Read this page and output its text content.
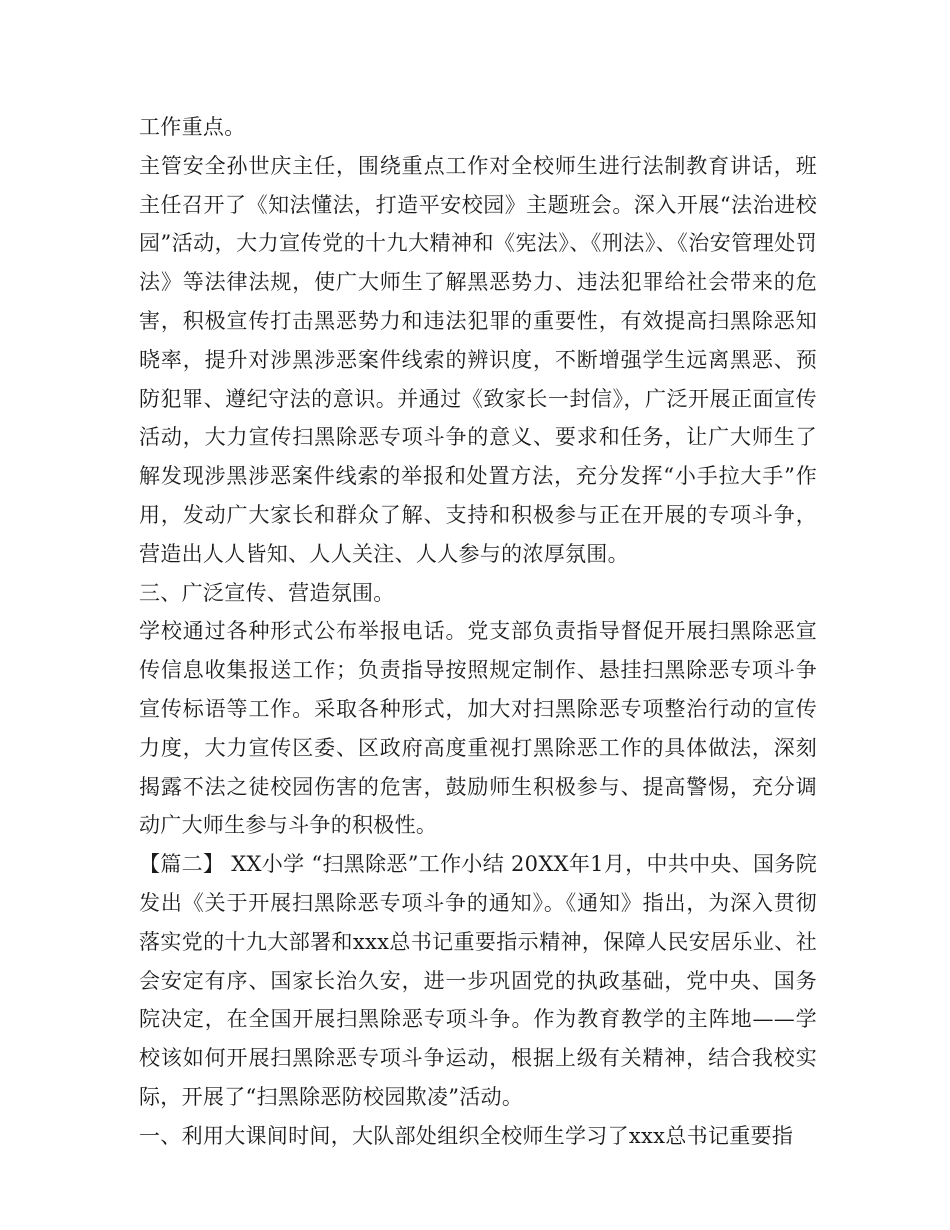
工作重点。

主管安全孙世庆主任，围绕重点工作对全校师生进行法制教育讲话，班主任召开了《知法懂法，打造平安校园》主题班会。深入开展“法治进校园”活动，大力宣传党的十九大精神和《宪法》、《刑法》、《治安管理处罚法》等法律法规，使广大师生了解黑恶势力、违法犯罪给社会带来的危害，积极宣传打击黑恶势力和违法犯罪的重要性，有效提高扫黑除恶知晓率，提升对涉黑涉恶案件线索的辨识度，不断增强学生远离黑恶、预防犯罪、遵纪守法的意识。并通过《致家长一封信》，广泛开展正面宣传活动，大力宣传扫黑除恶专项斗争的意义、要求和任务，让广大师生了解发现涉黑涉恶案件线索的举报和处置方法，充分发挥“小手拉大手”作用，发动广大家长和群众了解、支持和积极参与正在开展的专项斗争，营造出人人皆知、人人关注、人人参与的浓厚氛围。

三、广泛宣传、营造氛围。

学校通过各种形式公布举报电话。党支部负责指导督促开展扫黑除恶宣传信息收集报送工作；负责指导按照规定制作、悬挂扫黑除恶专项斗争宣传标语等工作。采取各种形式，加大对扫黑除恶专项整治行动的宣传力度，大力宣传区委、区政府高度重视打黑除恶工作的具体做法，深刻揭露不法之徒校园伤害的危害，鼓励师生积极参与、提高警惕，充分调动广大师生参与斗争的积极性。

【篇二】 XX小学 “扫黑除恶”工作小结 20XX年1月，中共中央、国务院发出《关于开展扫黑除恶专项斗争的通知》。《通知》指出，为深入贯彻落实党的十九大部署和xxx总书记重要指示精神，保障人民安居乐业、社会安定有序、国家长治久安，进一步巩固党的执政基础，党中央、国务院决定，在全国开展扫黑除恶专项斗争。作为教育教学的主阵地——学校该如何开展扫黑除恶专项斗争运动，根据上级有关精神，结合我校实际，开展了“扫黑除恶防校园欺凌”活动。

一、利用大课间时间，大队部处组织全校师生学习了xxx总书记重要指
